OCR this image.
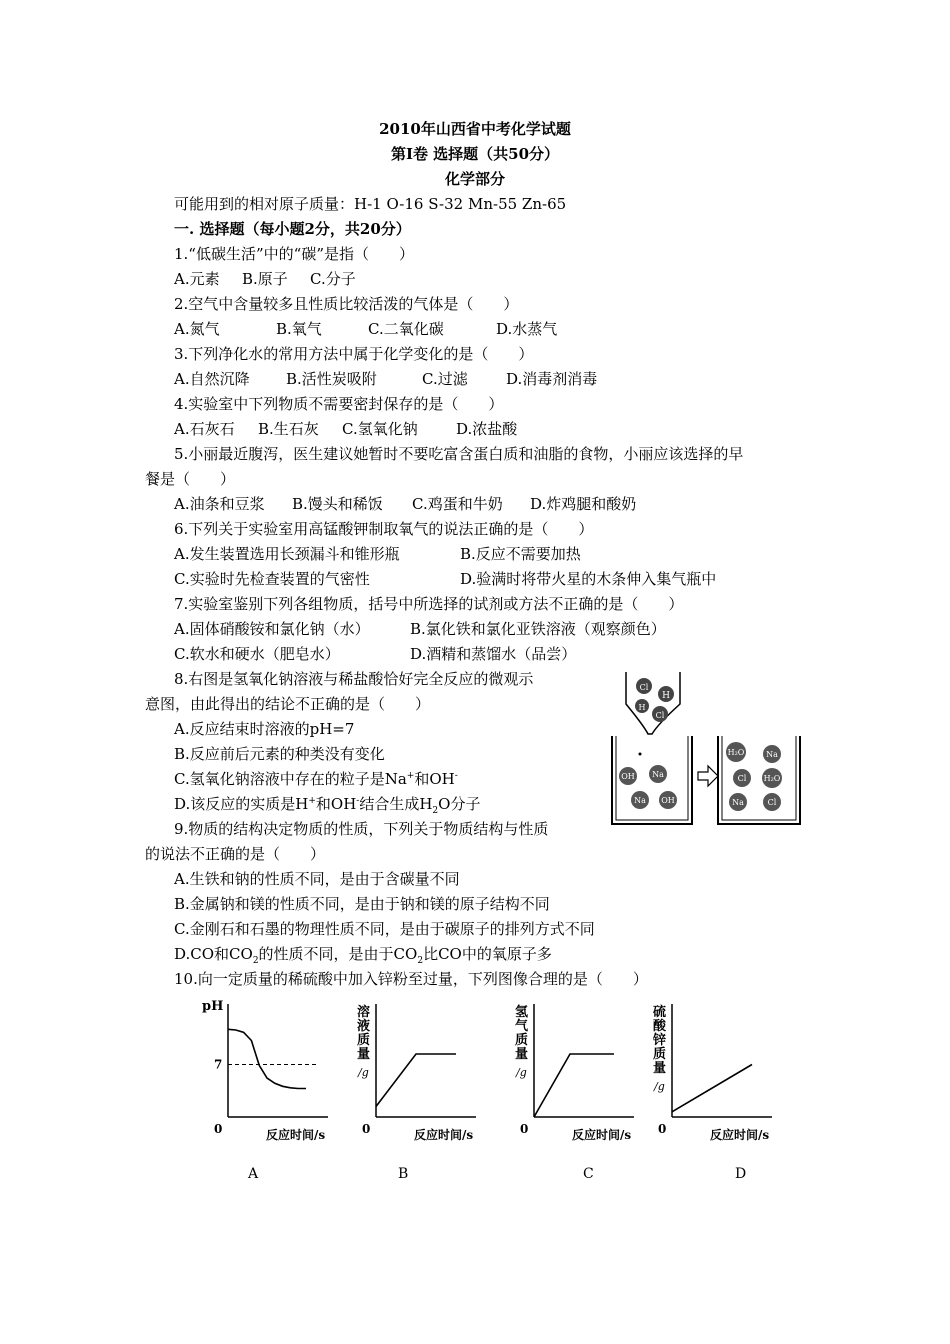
2010年山西省中考化学试题
第Ⅰ卷 选择题（共50分）
化学部分
可能用到的相对原子质量：H-1 O-16 S-32 Mn-55 Zn-65
一. 选择题（每小题2分，共20分）
1.“低碳生活”中的“碳”是指（　　）
A.元素 B.原子 C.分子
2.空气中含量较多且性质比较活泼的气体是（　　）
A.氮气	B.氧气	C.二氧化碳	D.水蒸气
3.下列净化水的常用方法中属于化学变化的是（　　）
A.自然沉降 B.活性炭吸附	C.过滤	D.消毒剂消毒
4.实验室中下列物质不需要密封保存的是（　　）
A.石灰石 B.生石灰 C.氢氧化钠	D.浓盐酸
5.小丽最近腹泻，医生建议她暂时不要吃富含蛋白质和油脂的食物，小丽应该选择的早
餐是（　　）
A.油条和豆浆 B.馒头和稀饭 C.鸡蛋和牛奶 D.炸鸡腿和酸奶
6.下列关于实验室用高锰酸钾制取氧气的说法正确的是（　　）
A.发生装置选用长颈漏斗和锥形瓶	B.反应不需要加热
C.实验时先检查装置的气密性	D.验满时将带火星的木条伸入集气瓶中
7.实验室鉴别下列各组物质，括号中所选择的试剂或方法不正确的是（　　）
A.固体硝酸铵和氯化钠（水）	B.氯化铁和氯化亚铁溶液（观察颜色）
C.软水和硬水（肥皂水）	D.酒精和蒸馏水（品尝）
8.右图是氢氧化钠溶液与稀盐酸恰好完全反应的微观示
意图，由此得出的结论不正确的是（　　）
A.反应结束时溶液的pH=7
B.反应前后元素的种类没有变化
C.氢氧化钠溶液中存在的粒子是Na+和OH-
D.该反应的实质是H+和OH-结合生成$H_2O$分子
H
Cl
H
Cl
OH Na
Na OH
H₂O	Na
Cl H₂O
Na	Cl
9.物质的结构决定物质的性质，下列关于物质结构与性质
的说法不正确的是（　　）
A.生铁和钠的性质不同，是由于含碳量不同
B.金属钠和镁的性质不同，是由于钠和镁的原子结构不同
C.金刚石和石墨的物理性质不同，是由于碳原子的排列方式不同
D.CO和$CO_2$的性质不同，是由于$CO_2$比CO中的氧原子多
10.向一定质量的稀硫酸中加入锌粉至过量，下列图像合理的是（　　）
0	反应时间/s
pH
7
A
0	反应时间/s
溶
液
质
量
/g
B
0	反应时间/s
氢
气
质
量
/g
C
0	反应时间/s
硫
酸
锌
质
量
/g
D
